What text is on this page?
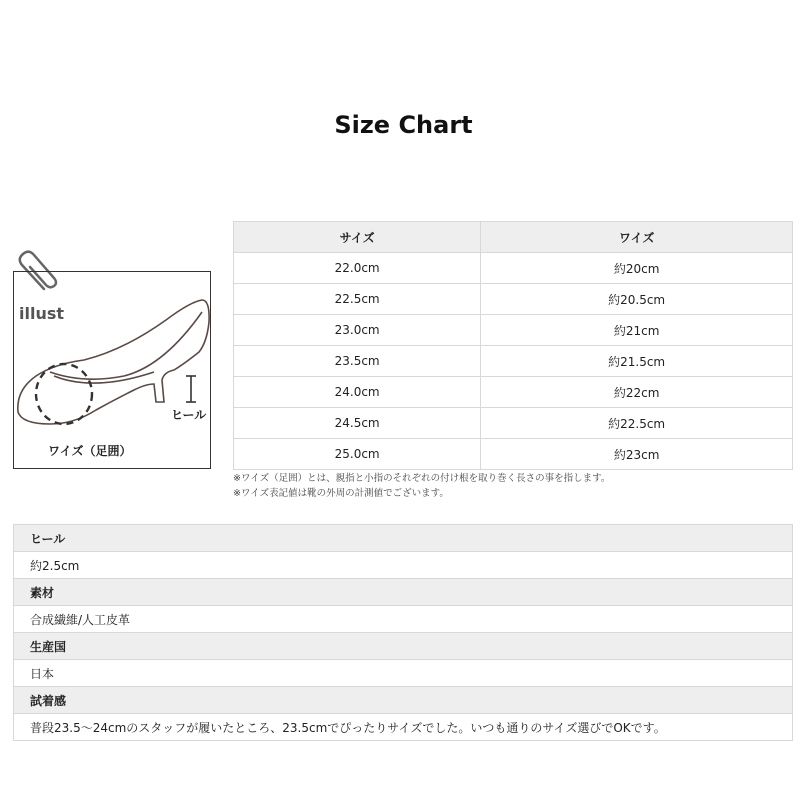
Size Chart
illust
ヒール
ワイズ（足囲）
サイズ	ワイズ
22.0cm	約20cm
22.5cm	約20.5cm
23.0cm	約21cm
23.5cm	約21.5cm
24.0cm	約22cm
24.5cm	約22.5cm
25.0cm	約23cm
※ワイズ（足囲）とは、親指と小指のそれぞれの付け根を取り巻く長さの事を指します。
※ワイズ表記値は靴の外周の計測値でございます。
ヒール
約2.5cm
素材
合成繊維/人工皮革
生産国
日本
試着感
普段23.5～24cmのスタッフが履いたところ、23.5cmでぴったりサイズでした。いつも通りのサイズ選びでOKです。
